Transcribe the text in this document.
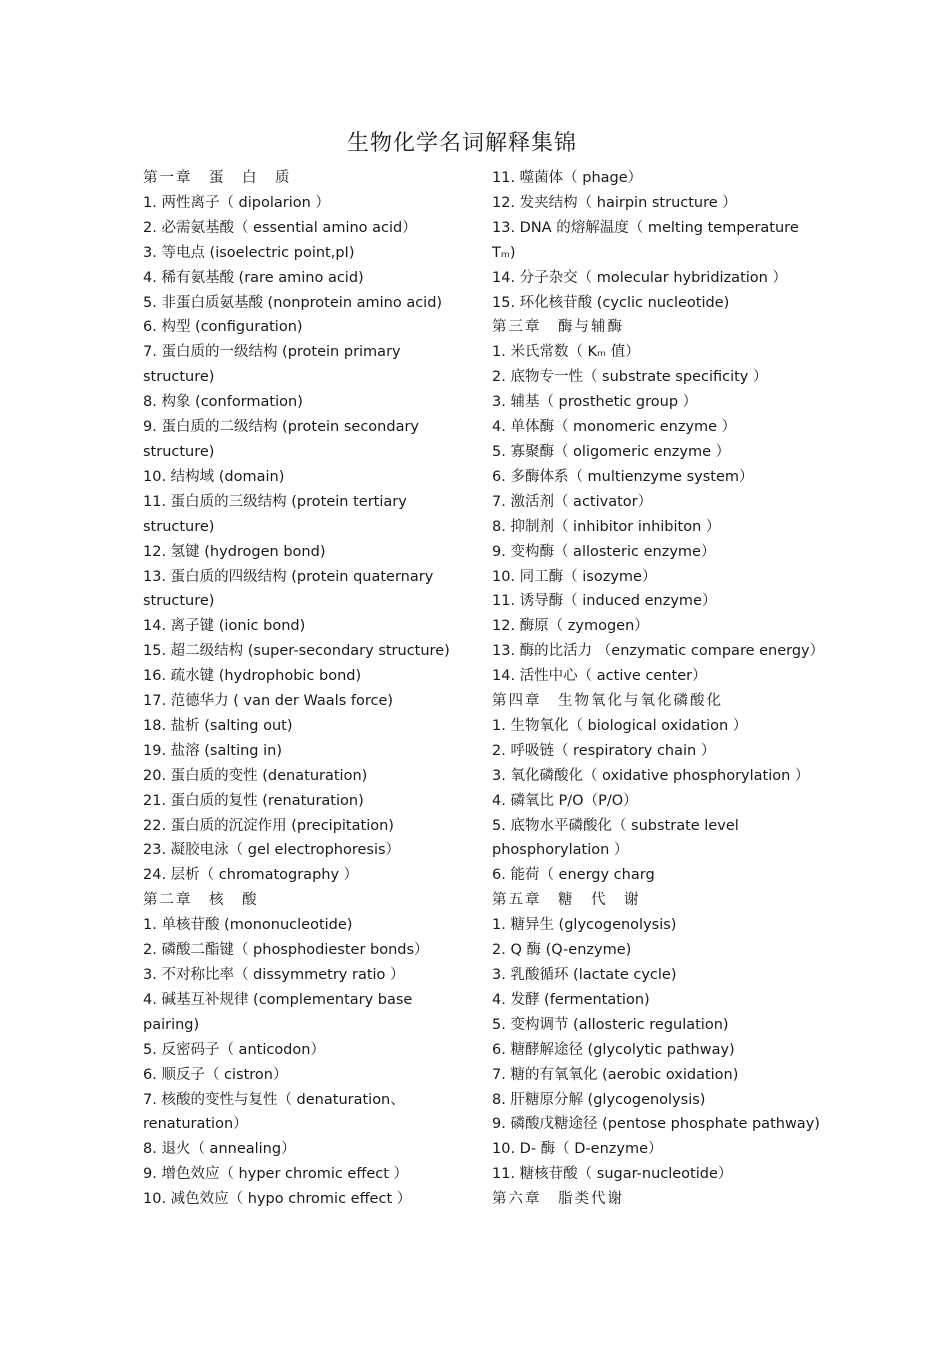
生物化学名词解释集锦
第一章　蛋　白　质
1. 两性离子（ dipolarion ）
2. 必需氨基酸（ essential amino acid）
3. 等电点 (isoelectric point,pI)
4. 稀有氨基酸 (rare amino acid)
5. 非蛋白质氨基酸 (nonprotein amino acid)
6. 构型 (configuration)
7. 蛋白质的一级结构 (protein primary
structure)
8. 构象 (conformation)
9. 蛋白质的二级结构 (protein secondary
structure)
10. 结构域 (domain)
11. 蛋白质的三级结构 (protein tertiary
structure)
12. 氢键 (hydrogen bond)
13. 蛋白质的四级结构 (protein quaternary
structure)
14. 离子键 (ionic bond)
15. 超二级结构 (super-secondary structure)
16. 疏水键 (hydrophobic bond)
17. 范德华力 ( van der Waals force)
18. 盐析 (salting out)
19. 盐溶 (salting in)
20. 蛋白质的变性 (denaturation)
21. 蛋白质的复性 (renaturation)
22. 蛋白质的沉淀作用 (precipitation)
23. 凝胶电泳（ gel electrophoresis）
24. 层析（ chromatography ）
第二章　核　酸
1. 单核苷酸 (mononucleotide)
2. 磷酸二酯键（ phosphodiester bonds）
3. 不对称比率（ dissymmetry ratio ）
4. 碱基互补规律 (complementary base
pairing)
5. 反密码子（ anticodon）
6. 顺反子（ cistron）
7. 核酸的变性与复性（ denaturation、
renaturation）
8. 退火（ annealing）
9. 增色效应（ hyper chromic effect ）
10. 减色效应（ hypo chromic effect ）
11. 噬菌体（ phage）
12. 发夹结构（ hairpin structure ）
13. DNA 的熔解温度（ melting temperature
Tₘ)
14. 分子杂交（ molecular hybridization ）
15. 环化核苷酸 (cyclic nucleotide)
第三章　酶与辅酶
1. 米氏常数（ Kₘ 值）
2. 底物专一性（ substrate specificity ）
3. 辅基（ prosthetic group ）
4. 单体酶（ monomeric enzyme ）
5. 寡聚酶（ oligomeric enzyme ）
6. 多酶体系（ multienzyme system）
7. 激活剂（ activator）
8. 抑制剂（ inhibitor inhibiton ）
9. 变构酶（ allosteric enzyme）
10. 同工酶（ isozyme）
11. 诱导酶（ induced enzyme）
12. 酶原（ zymogen）
13. 酶的比活力 （enzymatic compare energy）
14. 活性中心（ active center）
第四章　生物氧化与氧化磷酸化
1. 生物氧化（ biological oxidation ）
2. 呼吸链（ respiratory chain ）
3. 氧化磷酸化（ oxidative phosphorylation ）
4. 磷氧比 P/O（P/O）
5. 底物水平磷酸化（ substrate level
phosphorylation ）
6. 能荷（ energy charg
第五章　糖　代　谢
1. 糖异生 (glycogenolysis)
2. Q 酶 (Q-enzyme)
3. 乳酸循环 (lactate cycle)
4. 发酵 (fermentation)
5. 变构调节 (allosteric regulation)
6. 糖酵解途径 (glycolytic pathway)
7. 糖的有氧氧化 (aerobic oxidation)
8. 肝糖原分解 (glycogenolysis)
9. 磷酸戊糖途径 (pentose phosphate pathway)
10. D- 酶（ D-enzyme）
11. 糖核苷酸（ sugar-nucleotide）
第六章　脂类代谢
